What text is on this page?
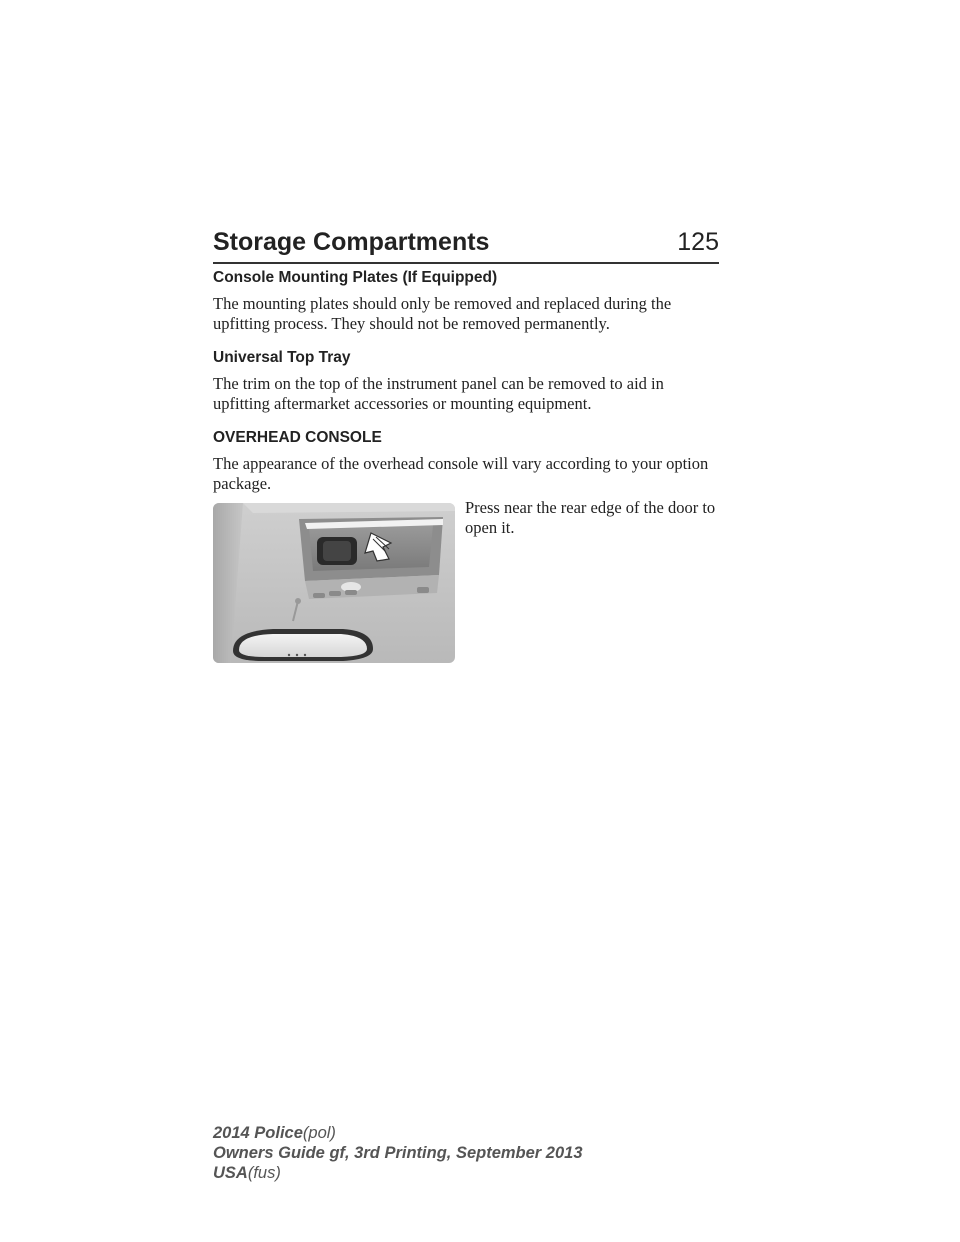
Storage Compartments	125
Console Mounting Plates (If Equipped)

The mounting plates should only be removed and replaced during the upfitting process. They should not be removed permanently.

Universal Top Tray

The trim on the top of the instrument panel can be removed to aid in upfitting aftermarket accessories or mounting equipment.

OVERHEAD CONSOLE

The appearance of the overhead console will vary according to your option package.

Press near the rear edge of the door to open it.
2014 Police(pol)
Owners Guide gf, 3rd Printing, September 2013
USA(fus)
